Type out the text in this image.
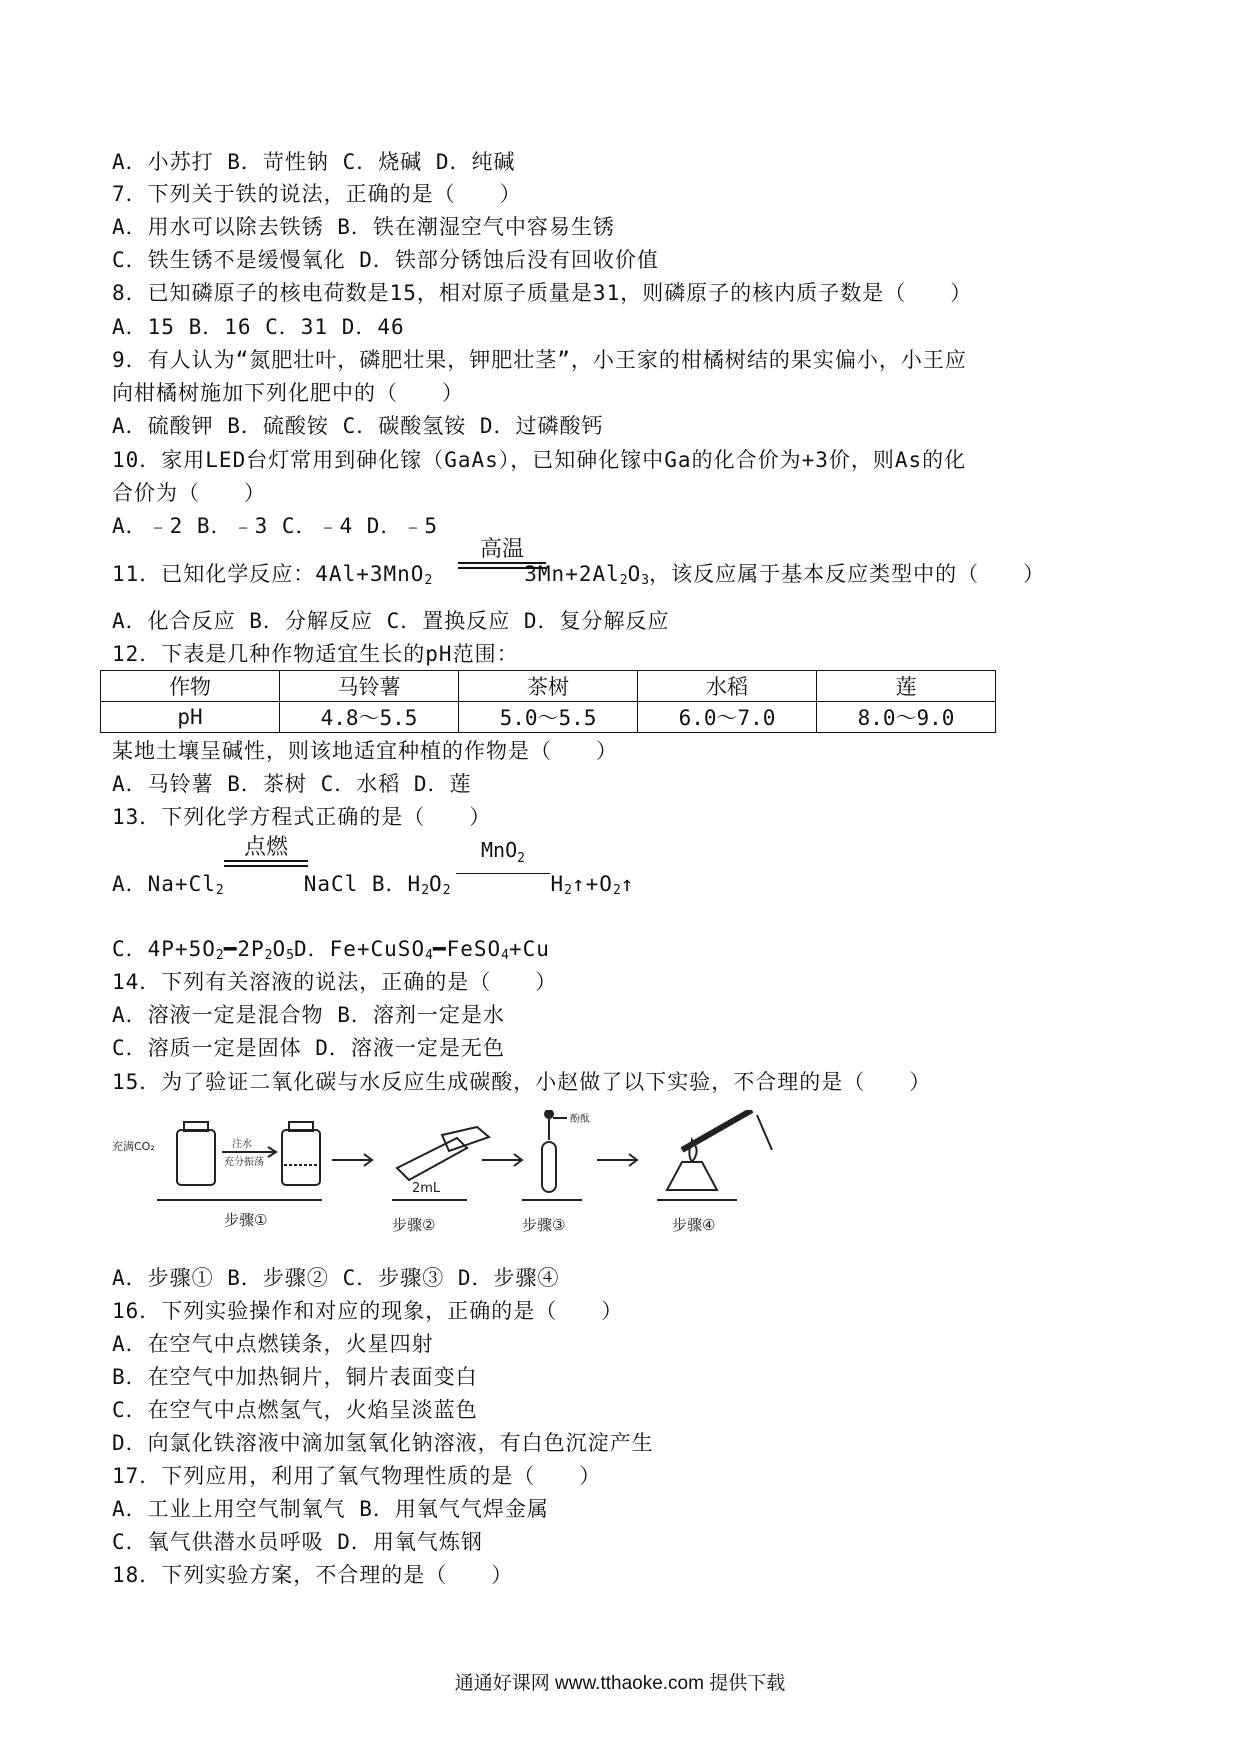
A．小苏打 B．苛性钠 C．烧碱 D．纯碱
7．下列关于铁的说法，正确的是（　　）
A．用水可以除去铁锈 B．铁在潮湿空气中容易生锈
C．铁生锈不是缓慢氧化 D．铁部分锈蚀后没有回收价值
8．已知磷原子的核电荷数是15，相对原子质量是31，则磷原子的核内质子数是（　　）
A．15 B．16 C．31 D．46
9．有人认为“氮肥壮叶，磷肥壮果，钾肥壮茎”，小王家的柑橘树结的果实偏小，小王应
向柑橘树施加下列化肥中的（　　）
A．硫酸钾 B．硫酸铵 C．碳酸氢铵 D．过磷酸钙
10．家用LED台灯常用到砷化镓（GaAs），已知砷化镓中Ga的化合价为+3价，则As的化
合价为（　　）
A．﹣2 B．﹣3 C．﹣4 D．﹣5
11．已知化学反应：4Al+3MnO$_2$	$3Mn+2Al_2O_3$，该反应属于基本反应类型中的（　　）
高温
A．化合反应 B．分解反应 C．置换反应 D．复分解反应
12．下表是几种作物适宜生长的pH范围：
作物	马铃薯	茶树	水稻	莲
pH	4.8～5.5	5.0～5.5	6.0～7.0	8.0～9.0
某地土壤呈碱性，则该地适宜种植的作物是（　　）
A．马铃薯 B．茶树 C．水稻 D．莲
13．下列化学方程式正确的是（　　）
A．$Na+Cl_2$	NaCl B．$H_2O_2$	$H_2↑+O_2↑$
点燃	MnO$_2$
C．$4P+5O_2━2P_2O_5D$．Fe+CuSO$_4$━FeSO$_4$+Cu
14．下列有关溶液的说法，正确的是（　　）
A．溶液一定是混合物 B．溶剂一定是水
C．溶质一定是固体 D．溶液一定是无色
15．为了验证二氧化碳与水反应生成碳酸，小赵做了以下实验，不合理的是（　　）
充满CO₂	注水
充分振荡
2mL
酚酞
步骤①	步骤②	步骤③	步骤④
A．步骤① B．步骤② C．步骤③ D．步骤④
16．下列实验操作和对应的现象，正确的是（　　）
A．在空气中点燃镁条，火星四射
B．在空气中加热铜片，铜片表面变白
C．在空气中点燃氢气，火焰呈淡蓝色
D．向氯化铁溶液中滴加氢氧化钠溶液，有白色沉淀产生
17．下列应用，利用了氧气物理性质的是（　　）
A．工业上用空气制氧气 B．用氧气气焊金属
C．氧气供潜水员呼吸 D．用氧气炼钢
18．下列实验方案，不合理的是（　　）
通通好课网 www.tthaoke.com 提供下载
